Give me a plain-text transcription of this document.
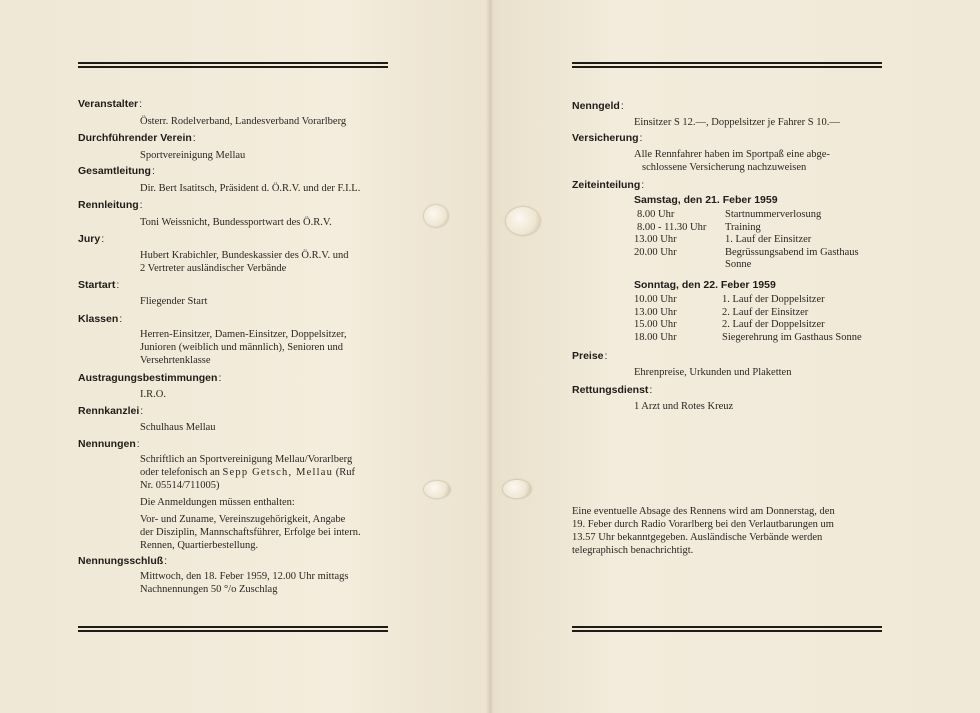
Veranstalter:
Österr. Rodelverband, Landesverband Vorarlberg
Durchführender Verein:
Sportvereinigung Mellau
Gesamtleitung:
Dir. Bert Isatitsch, Präsident d. Ö.R.V. und der F.I.L.
Rennleitung:
Toni Weissnicht, Bundessportwart des Ö.R.V.
Jury:
Hubert Krabichler, Bundeskassier des Ö.R.V. und
2 Vertreter ausländischer Verbände
Startart:
Fliegender Start
Klassen:
Herren-Einsitzer, Damen-Einsitzer, Doppelsitzer,
Junioren (weiblich und männlich), Senioren und
Versehrtenklasse
Austragungsbestimmungen:
I.R.O.
Rennkanzlei:
Schulhaus Mellau
Nennungen:
Schriftlich an Sportvereinigung Mellau/Vorarlberg
oder telefonisch an Sepp Getsch, Mellau (Ruf
Nr. 05514/711005)
Die Anmeldungen müssen enthalten:
Vor- und Zuname, Vereinszugehörigkeit, Angabe
der Disziplin, Mannschaftsführer, Erfolge bei intern.
Rennen, Quartierbestellung.
Nennungsschluß:
Mittwoch, den 18. Feber 1959, 12.00 Uhr mittags
Nachnennungen 50 °/o Zuschlag
Nenngeld:
Einsitzer S 12.—, Doppelsitzer je Fahrer S 10.—
Versicherung:
Alle Rennfahrer haben im Sportpaß eine abge-
schlossene Versicherung nachzuweisen
Zeiteinteilung:
Samstag, den 21. Feber 1959
8.00 Uhr	Startnummerverlosung
8.00 - 11.30 Uhr Training
13.00 Uhr	1. Lauf der Einsitzer
20.00 Uhr	Begrüssungsabend im Gasthaus
Sonne
Sonntag, den 22. Feber 1959
10.00 Uhr	1. Lauf der Doppelsitzer
13.00 Uhr	2. Lauf der Einsitzer
15.00 Uhr	2. Lauf der Doppelsitzer
18.00 Uhr	Siegerehrung im Gasthaus Sonne
Preise:
Ehrenpreise, Urkunden und Plaketten
Rettungsdienst:
1 Arzt und Rotes Kreuz
Eine eventuelle Absage des Rennens wird am Donnerstag, den
19. Feber durch Radio Vorarlberg bei den Verlautbarungen um
13.57 Uhr bekanntgegeben. Ausländische Verbände werden
telegraphisch benachrichtigt.
